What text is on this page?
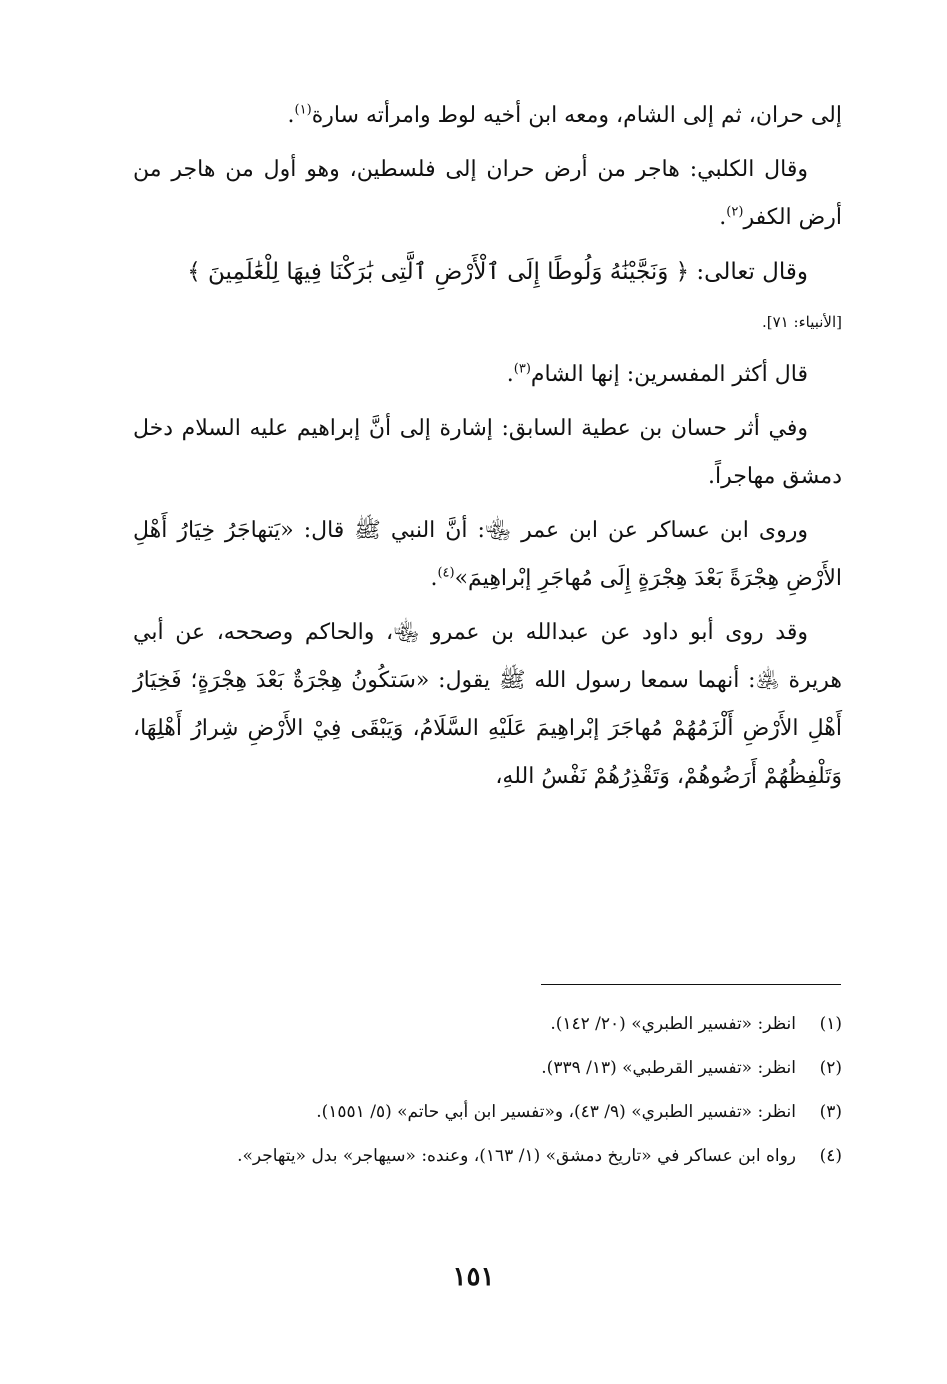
إلى حران، ثم إلى الشام، ومعه ابن أخيه لوط وامرأته سارة$^{(١)}$.

وقال الكلبي: هاجر من أرض حران إلى فلسطين، وهو أول من هاجر من أرض الكفر$^{(٢)}$.

وقال تعالى: ﴿ وَنَجَّيْنَٰهُ وَلُوطًا إِلَى ٱلْأَرْضِ ٱلَّتِى بَٰرَكْنَا فِيهَا لِلْعَٰلَمِينَ ﴾
[الأنبياء: ٧١].

قال أكثر المفسرين: إنها الشام$^{(٣)}$.

وفي أثر حسان بن عطية السابق: إشارة إلى أنَّ إبراهيم عليه السلام دخل دمشق مهاجراً.

وروى ابن عساكر عن ابن عمر ﵄: أنَّ النبي ﷺ قال: «يَتهاجَرُ خِيَارُ أَهْلِ الأَرْضِ هِجْرَةً بَعْدَ هِجْرَةٍ إِلَى مُهاجَرِ إبْراهِيمَ»$^{(٤)}$.

وقد روى أبو داود عن عبدالله بن عمرو ﵄، والحاكم وصححه، عن أبي هريرة ﵁: أنهما سمعا رسول الله ﷺ يقول: «سَتكُونُ هِجْرَةٌ بَعْدَ هِجْرَةٍ؛ فَخِيَارُ أَهْلِ الأَرْضِ أَلْزَمُهُمْ مُهاجَرَ إبْراهِيمَ عَلَيْهِ السَّلَامُ، وَيَبْقَى فِيْ الأَرْضِ شِرارُ أَهْلِهَا، وَتَلْفِظُهُمْ أَرَضُوهُمْ، وَتَقْذِرُهُمْ نَفْسُ اللهِ،

(١)
انظر: «تفسير الطبري» (٢٠/ ١٤٢).
(٢)
انظر: «تفسير القرطبي» (١٣/ ٣٣٩).
(٣)
انظر: «تفسير الطبري» (٩/ ٤٣)، و«تفسير ابن أبي حاتم» (٥/ ١٥٥١).
(٤)
رواه ابن عساكر في «تاريخ دمشق» (١/ ١٦٣)، وعنده: «سيهاجر» بدل «يتهاجر».
١٥١
